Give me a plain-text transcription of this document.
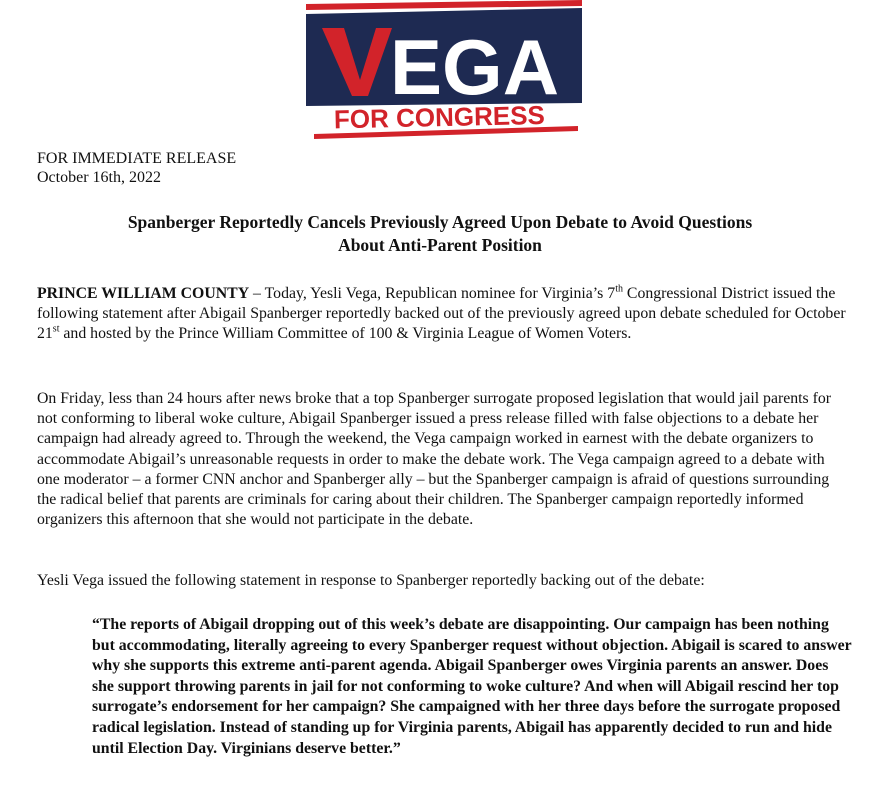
EGA
FOR CONGRESS
FOR IMMEDIATE RELEASE
October 16th, 2022
Spanberger Reportedly Cancels Previously Agreed Upon Debate to Avoid Questions
About Anti-Parent Position
PRINCE WILLIAM COUNTY – Today, Yesli Vega, Republican nominee for Virginia’s 7th Congressional District issued the following statement after Abigail Spanberger reportedly backed out of the previously agreed upon debate scheduled for October 21st and hosted by the Prince William Committee of 100 & Virginia League of Women Voters.
On Friday, less than 24 hours after news broke that a top Spanberger surrogate proposed legislation that would jail parents for not conforming to liberal woke culture, Abigail Spanberger issued a press release filled with false objections to a debate her campaign had already agreed to. Through the weekend, the Vega campaign worked in earnest with the debate organizers to accommodate Abigail’s unreasonable requests in order to make the debate work. The Vega campaign agreed to a debate with one moderator – a former CNN anchor and Spanberger ally – but the Spanberger campaign is afraid of questions surrounding the radical belief that parents are criminals for caring about their children. The Spanberger campaign reportedly informed organizers this afternoon that she would not participate in the debate.
Yesli Vega issued the following statement in response to Spanberger reportedly backing out of the debate:
“The reports of Abigail dropping out of this week’s debate are disappointing. Our campaign has been nothing but accommodating, literally agreeing to every Spanberger request without objection. Abigail is scared to answer why she supports this extreme anti-parent agenda. Abigail Spanberger owes Virginia parents an answer. Does she support throwing parents in jail for not conforming to woke culture? And when will Abigail rescind her top surrogate’s endorsement for her campaign? She campaigned with her three days before the surrogate proposed radical legislation. Instead of standing up for Virginia parents, Abigail has apparently decided to run and hide until Election Day. Virginians deserve better.”
